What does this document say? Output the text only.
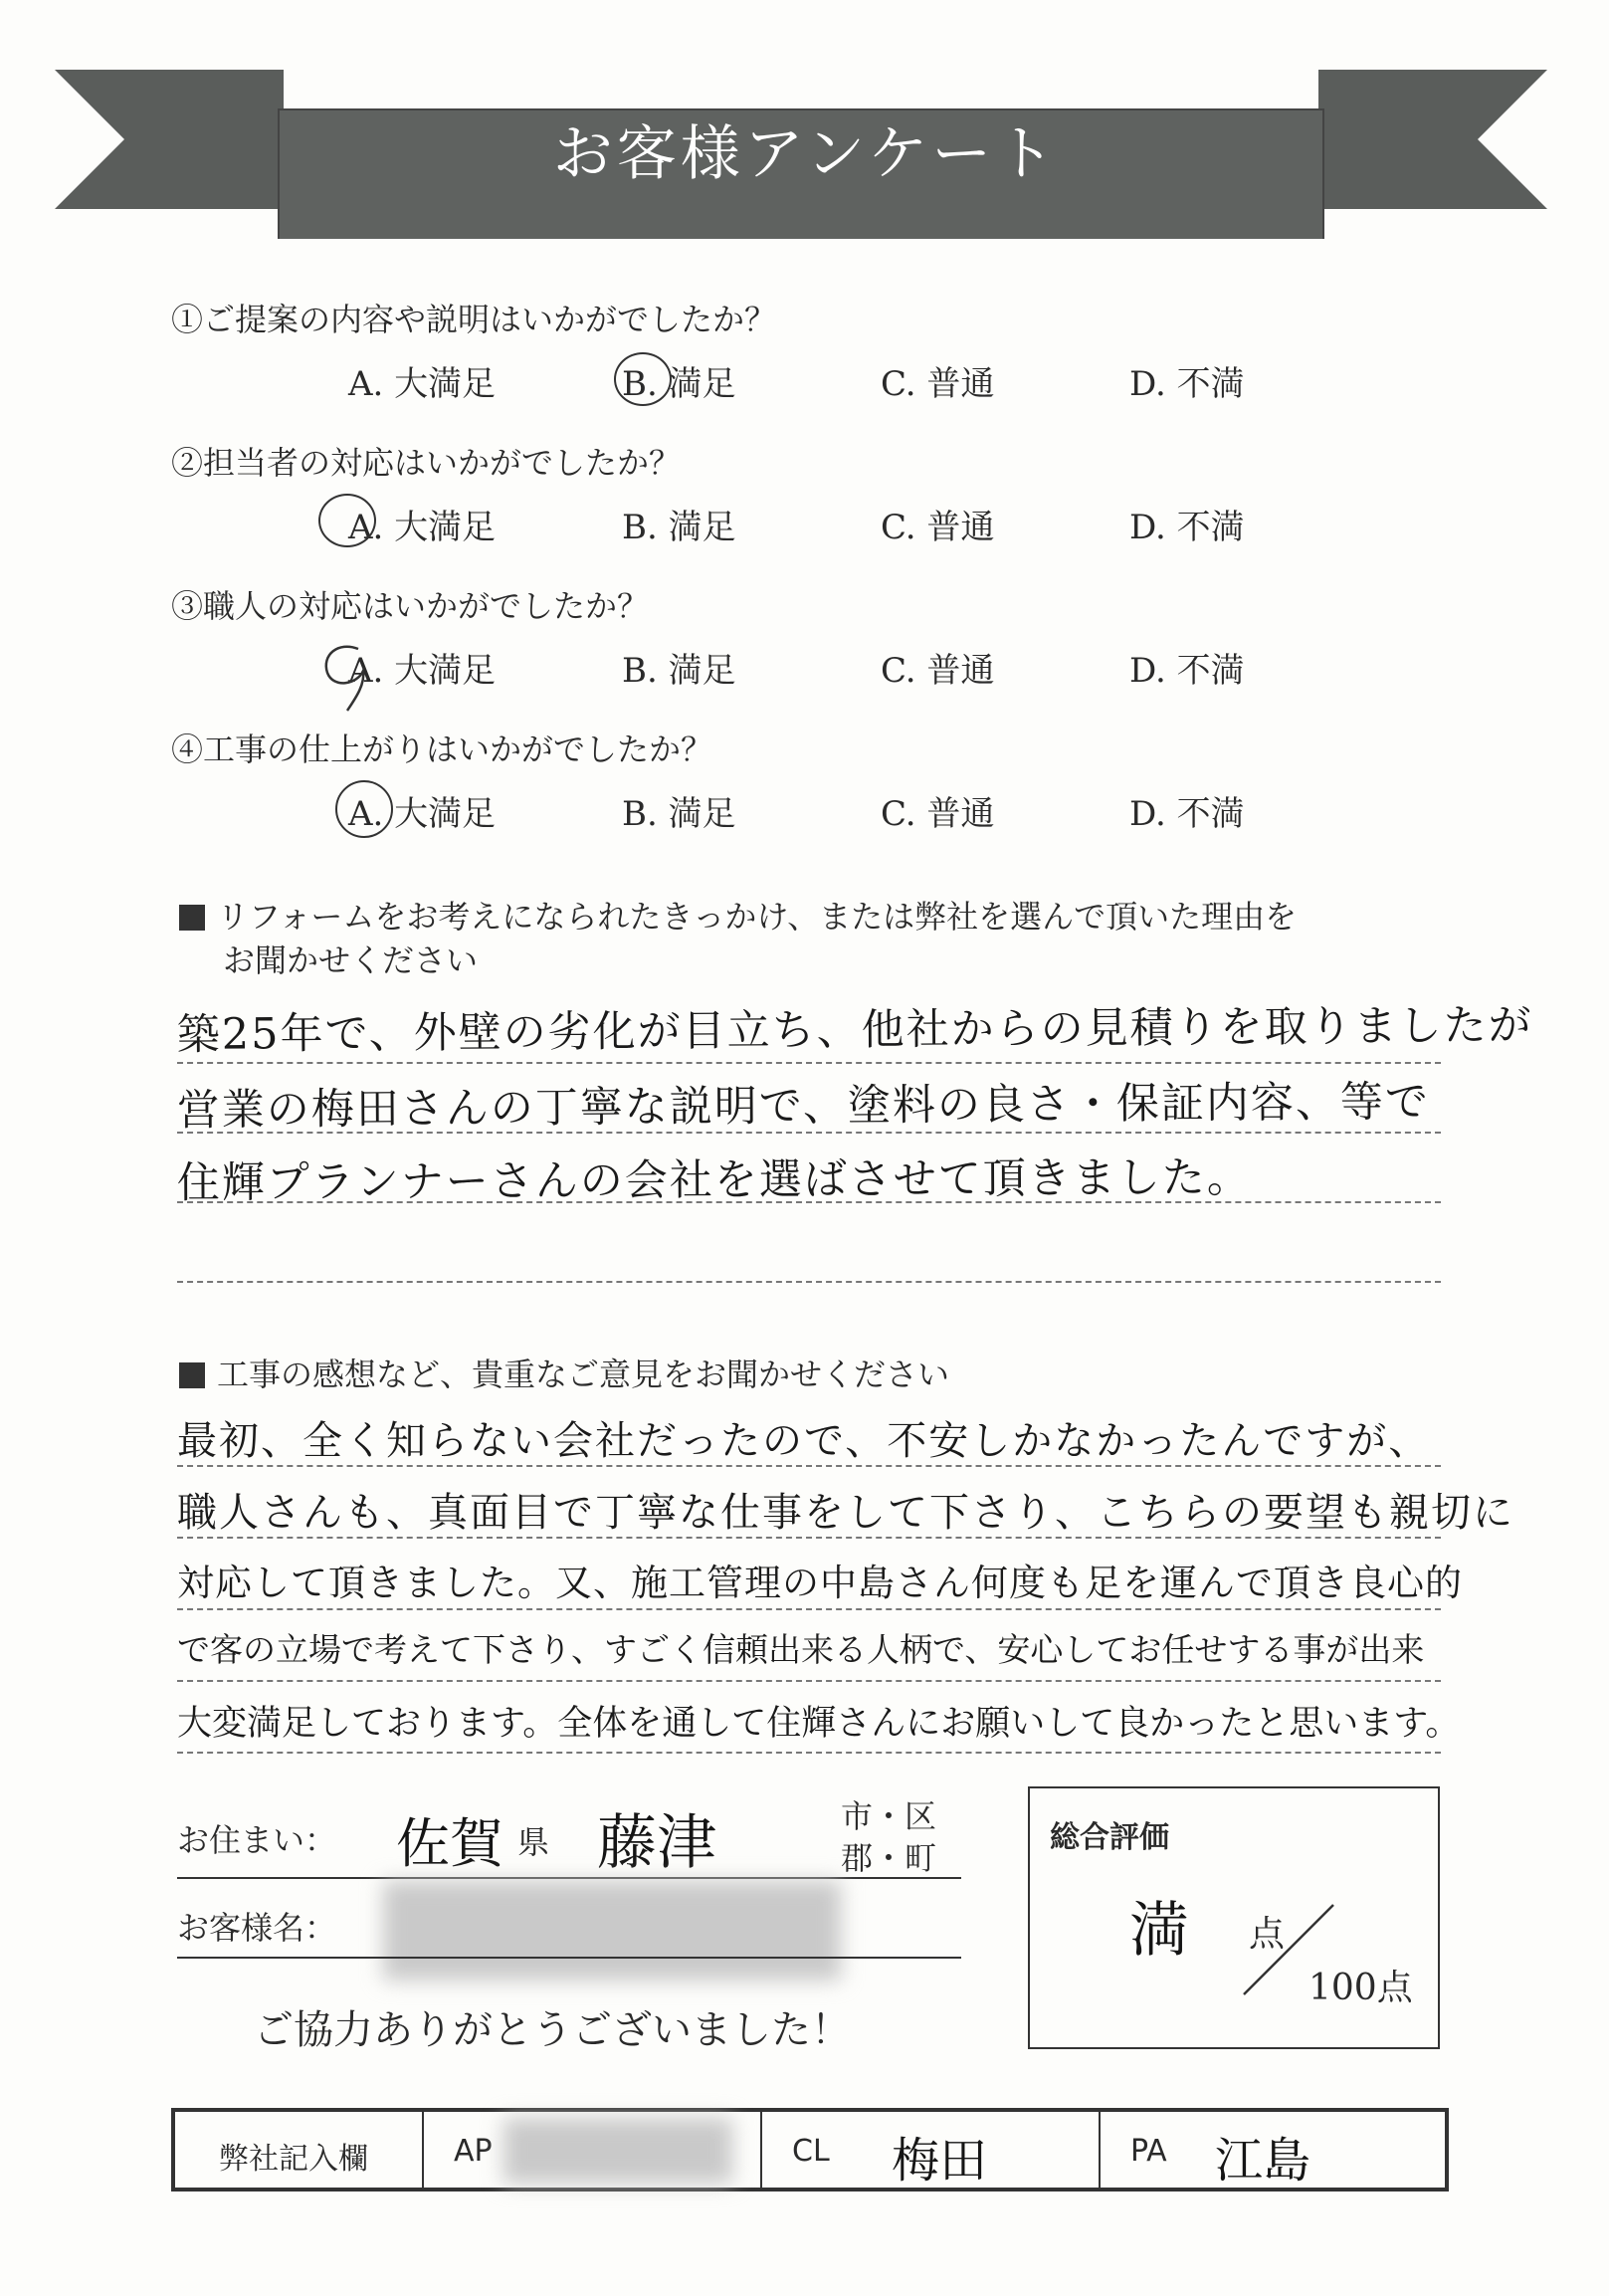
お客様アンケート
①ご提案の内容や説明はいかがでしたか？
A. 大満足	B. 満足	C. 普通	D. 不満
②担当者の対応はいかがでしたか？
A. 大満足	B. 満足	C. 普通	D. 不満
③職人の対応はいかがでしたか？
A. 大満足	B. 満足	C. 普通	D. 不満
④工事の仕上がりはいかがでしたか？
A. 大満足	B. 満足	C. 普通	D. 不満
リフォームをお考えになられたきっかけ、または弊社を選んで頂いた理由を
お聞かせください
築25年で、外壁の劣化が目立ち、他社からの見積りを取りましたが
営業の梅田さんの丁寧な説明で、塗料の良さ・保証内容、等で
住輝プランナーさんの会社を選ばさせて頂きました。
工事の感想など、貴重なご意見をお聞かせください
最初、全く知らない会社だったので、不安しかなかったんですが、
職人さんも、真面目で丁寧な仕事をして下さり、こちらの要望も親切に
対応して頂きました。又、施工管理の中島さん何度も足を運んで頂き良心的
で客の立場で考えて下さり、すごく信頼出来る人柄で、安心してお任せする事が出来
大変満足しております。全体を通して住輝さんにお願いして良かったと思います。
お住まい： 佐賀 県 藤津	市・区
郡・町
お客様名：
ご協力ありがとうございました！
総合評価
満 点
100点
弊社記入欄	AP	CL 梅田	PA 江島
